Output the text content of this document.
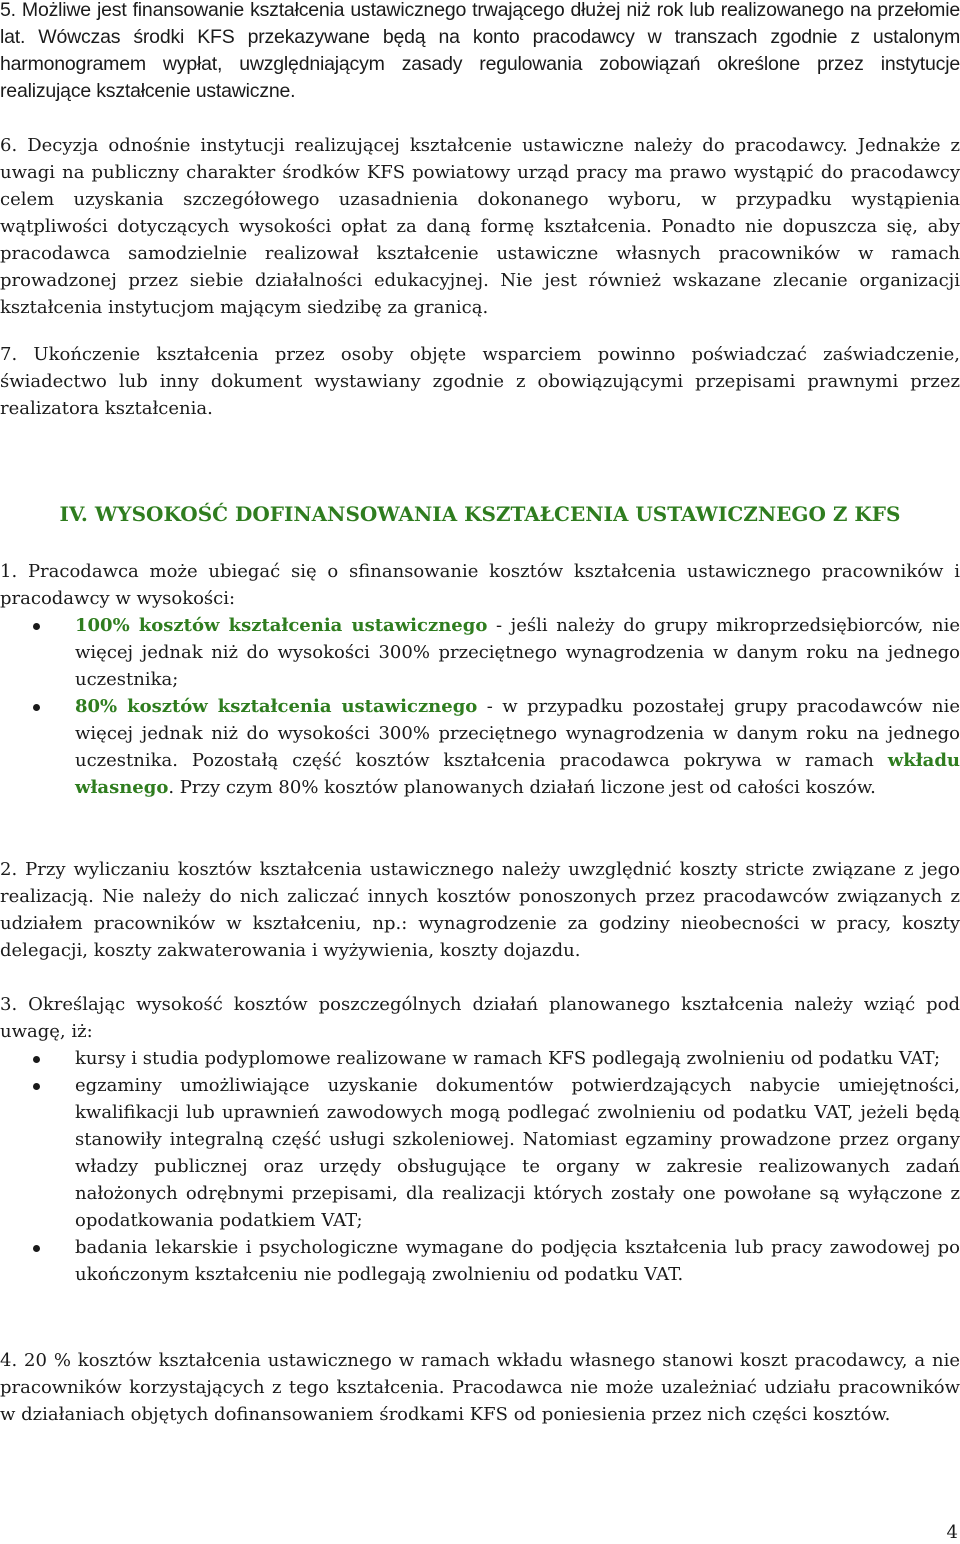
5. Możliwe jest finansowanie kształcenia ustawicznego trwającego dłużej niż rok lub realizowanego na przełomie lat. Wówczas środki KFS przekazywane będą na konto pracodawcy w transzach zgodnie z ustalonym harmonogramem wypłat, uwzględniającym zasady regulowania zobowiązań określone przez instytucje realizujące kształcenie ustawiczne.

6. Decyzja odnośnie instytucji realizującej kształcenie ustawiczne należy do pracodawcy. Jednakże z uwagi na publiczny charakter środków KFS powiatowy urząd pracy ma prawo wystąpić do pracodawcy celem uzyskania szczegółowego uzasadnienia dokonanego wyboru, w przypadku wystąpienia wątpliwości dotyczących wysokości opłat za daną formę kształcenia. Ponadto nie dopuszcza się, aby pracodawca samodzielnie realizował kształcenie ustawiczne własnych pracowników w ramach prowadzonej przez siebie działalności edukacyjnej. Nie jest również wskazane zlecanie organizacji kształcenia instytucjom mającym siedzibę za granicą.

7. Ukończenie kształcenia przez osoby objęte wsparciem powinno poświadczać zaświadczenie, świadectwo lub inny dokument wystawiany zgodnie z obowiązującymi przepisami prawnymi przez realizatora kształcenia.

IV. WYSOKOŚĆ DOFINANSOWANIA KSZTAŁCENIA USTAWICZNEGO Z KFS

1. Pracodawca może ubiegać się o sfinansowanie kosztów kształcenia ustawicznego pracowników i pracodawcy w wysokości:

100% kosztów kształcenia ustawicznego - jeśli należy do grupy mikroprzedsiębiorców, nie więcej jednak niż do wysokości 300% przeciętnego wynagrodzenia w danym roku na jednego uczestnika;
80% kosztów kształcenia ustawicznego - w przypadku pozostałej grupy pracodawców nie więcej jednak niż do wysokości 300% przeciętnego wynagrodzenia w danym roku na jednego uczestnika. Pozostałą część kosztów kształcenia pracodawca pokrywa w ramach wkładu własnego. Przy czym 80% kosztów planowanych działań liczone jest od całości koszów.

2. Przy wyliczaniu kosztów kształcenia ustawicznego należy uwzględnić koszty stricte związane z jego realizacją. Nie należy do nich zaliczać innych kosztów ponoszonych przez pracodawców związanych z udziałem pracowników w kształceniu, np.: wynagrodzenie za godziny nieobecności w pracy, koszty delegacji, koszty zakwaterowania i wyżywienia, koszty dojazdu.

3. Określając wysokość kosztów poszczególnych działań planowanego kształcenia należy wziąć pod uwagę, iż:

kursy i studia podyplomowe realizowane w ramach KFS podlegają zwolnieniu od podatku VAT;
egzaminy umożliwiające uzyskanie dokumentów potwierdzających nabycie umiejętności, kwalifikacji lub uprawnień zawodowych mogą podlegać zwolnieniu od podatku VAT, jeżeli będą stanowiły integralną część usługi szkoleniowej. Natomiast egzaminy prowadzone przez organy władzy publicznej oraz urzędy obsługujące te organy w zakresie realizowanych zadań nałożonych odrębnymi przepisami, dla realizacji których zostały one powołane są wyłączone z opodatkowania podatkiem VAT;
badania lekarskie i psychologiczne wymagane do podjęcia kształcenia lub pracy zawodowej po ukończonym kształceniu nie podlegają zwolnieniu od podatku VAT.

4. 20 % kosztów kształcenia ustawicznego w ramach wkładu własnego stanowi koszt pracodawcy, a nie pracowników korzystających z tego kształcenia. Pracodawca nie może uzależniać udziału pracowników w działaniach objętych dofinansowaniem środkami KFS od poniesienia przez nich części kosztów.

4
